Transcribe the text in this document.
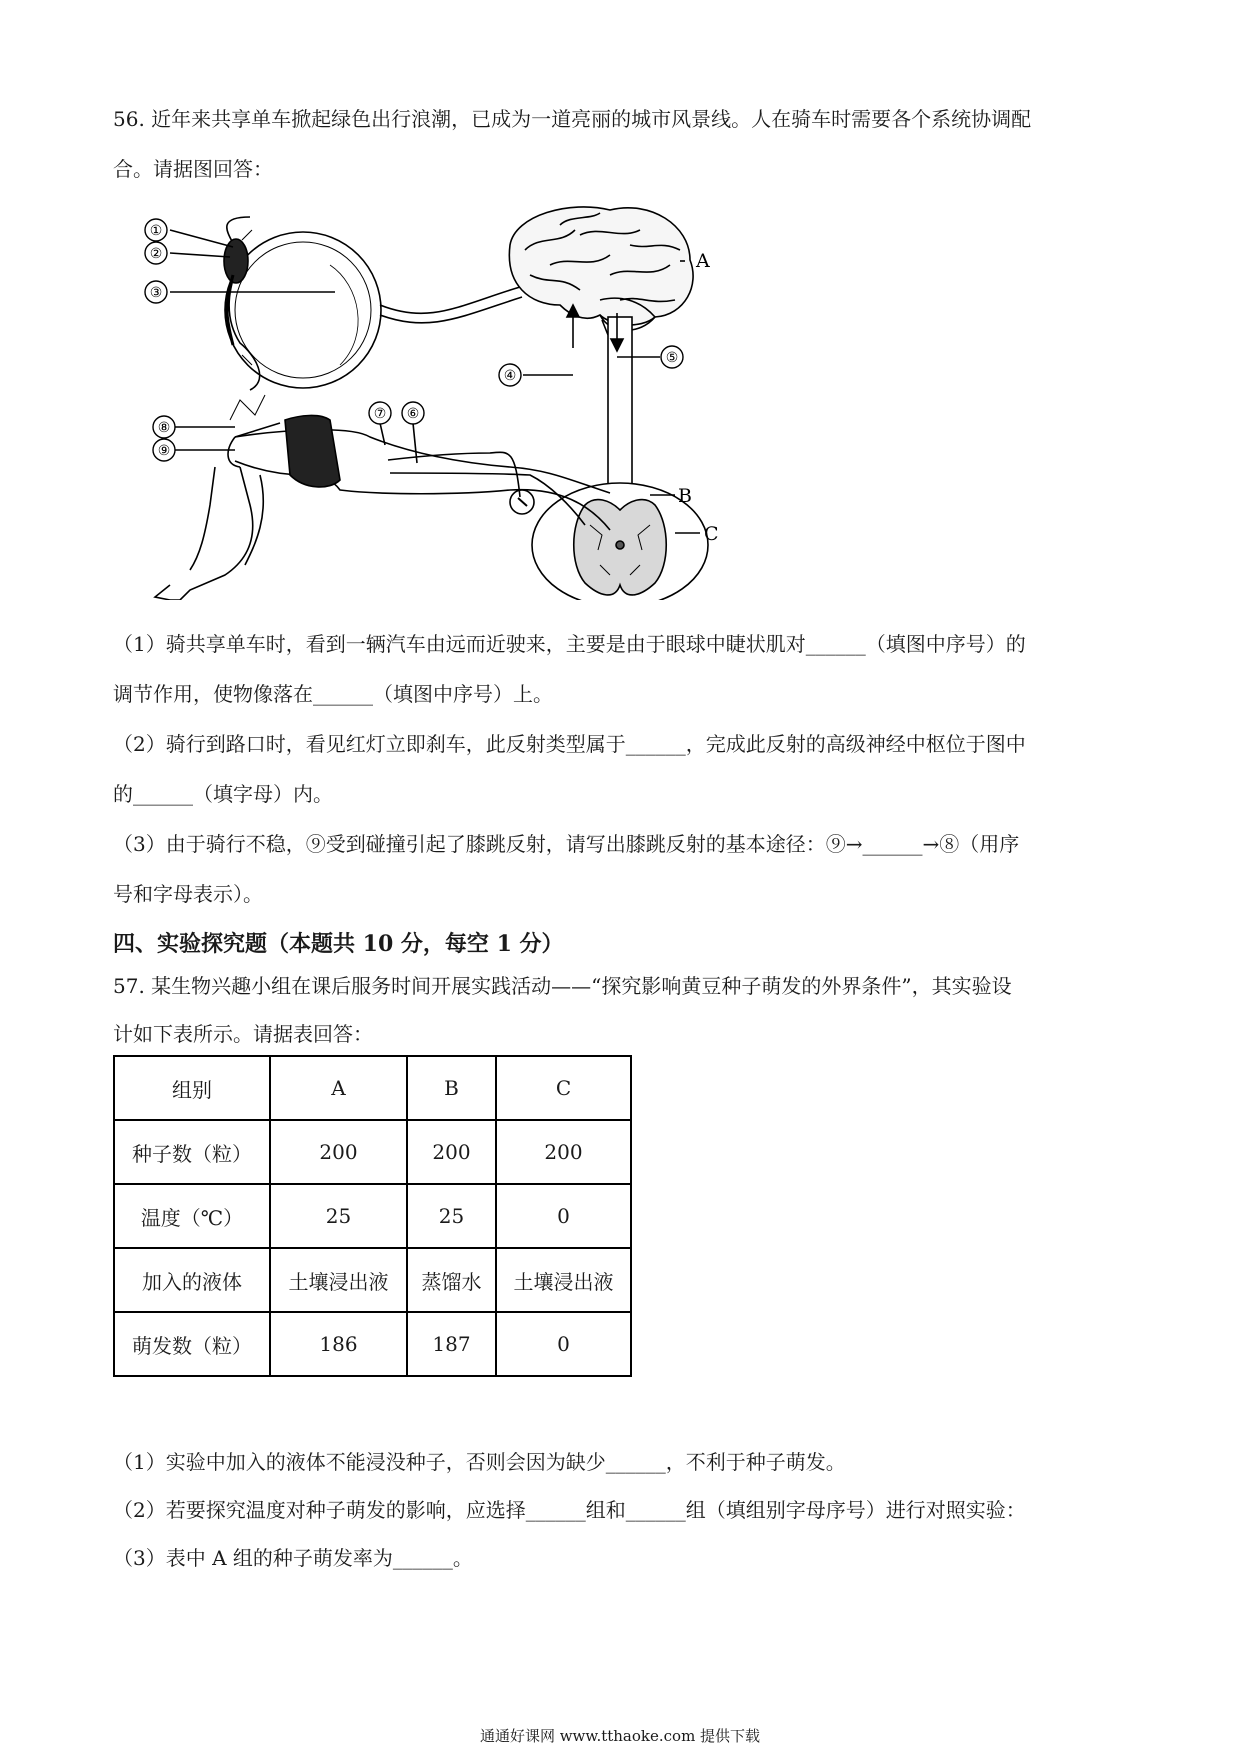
56. 近年来共享单车掀起绿色出行浪潮，已成为一道亮丽的城市风景线。人在骑车时需要各个系统协调配
合。请据图回答：
①
②
③
④
⑤
⑥
⑦
⑧
⑨
A
B
C
（1）骑共享单车时，看到一辆汽车由远而近驶来，主要是由于眼球中睫状肌对______（填图中序号）的
调节作用，使物像落在______（填图中序号）上。
（2）骑行到路口时，看见红灯立即刹车，此反射类型属于______，完成此反射的高级神经中枢位于图中
的______（填字母）内。
（3）由于骑行不稳，⑨受到碰撞引起了膝跳反射，请写出膝跳反射的基本途径：⑨→______→⑧（用序
号和字母表示）。
四、实验探究题（本题共 10 分，每空 1 分）
57. 某生物兴趣小组在课后服务时间开展实践活动——“探究影响黄豆种子萌发的外界条件”，其实验设
计如下表所示。请据表回答：
组别	A	B	C
种子数（粒）	200	200	200
温度（℃）	25	25	0
加入的液体	土壤浸出液	蒸馏水	土壤浸出液
萌发数（粒）	186	187	0
（1）实验中加入的液体不能浸没种子，否则会因为缺少______，不利于种子萌发。
（2）若要探究温度对种子萌发的影响，应选择______组和______组（填组别字母序号）进行对照实验：
（3）表中 A 组的种子萌发率为______。
通通好课网 www.tthaoke.com 提供下载
